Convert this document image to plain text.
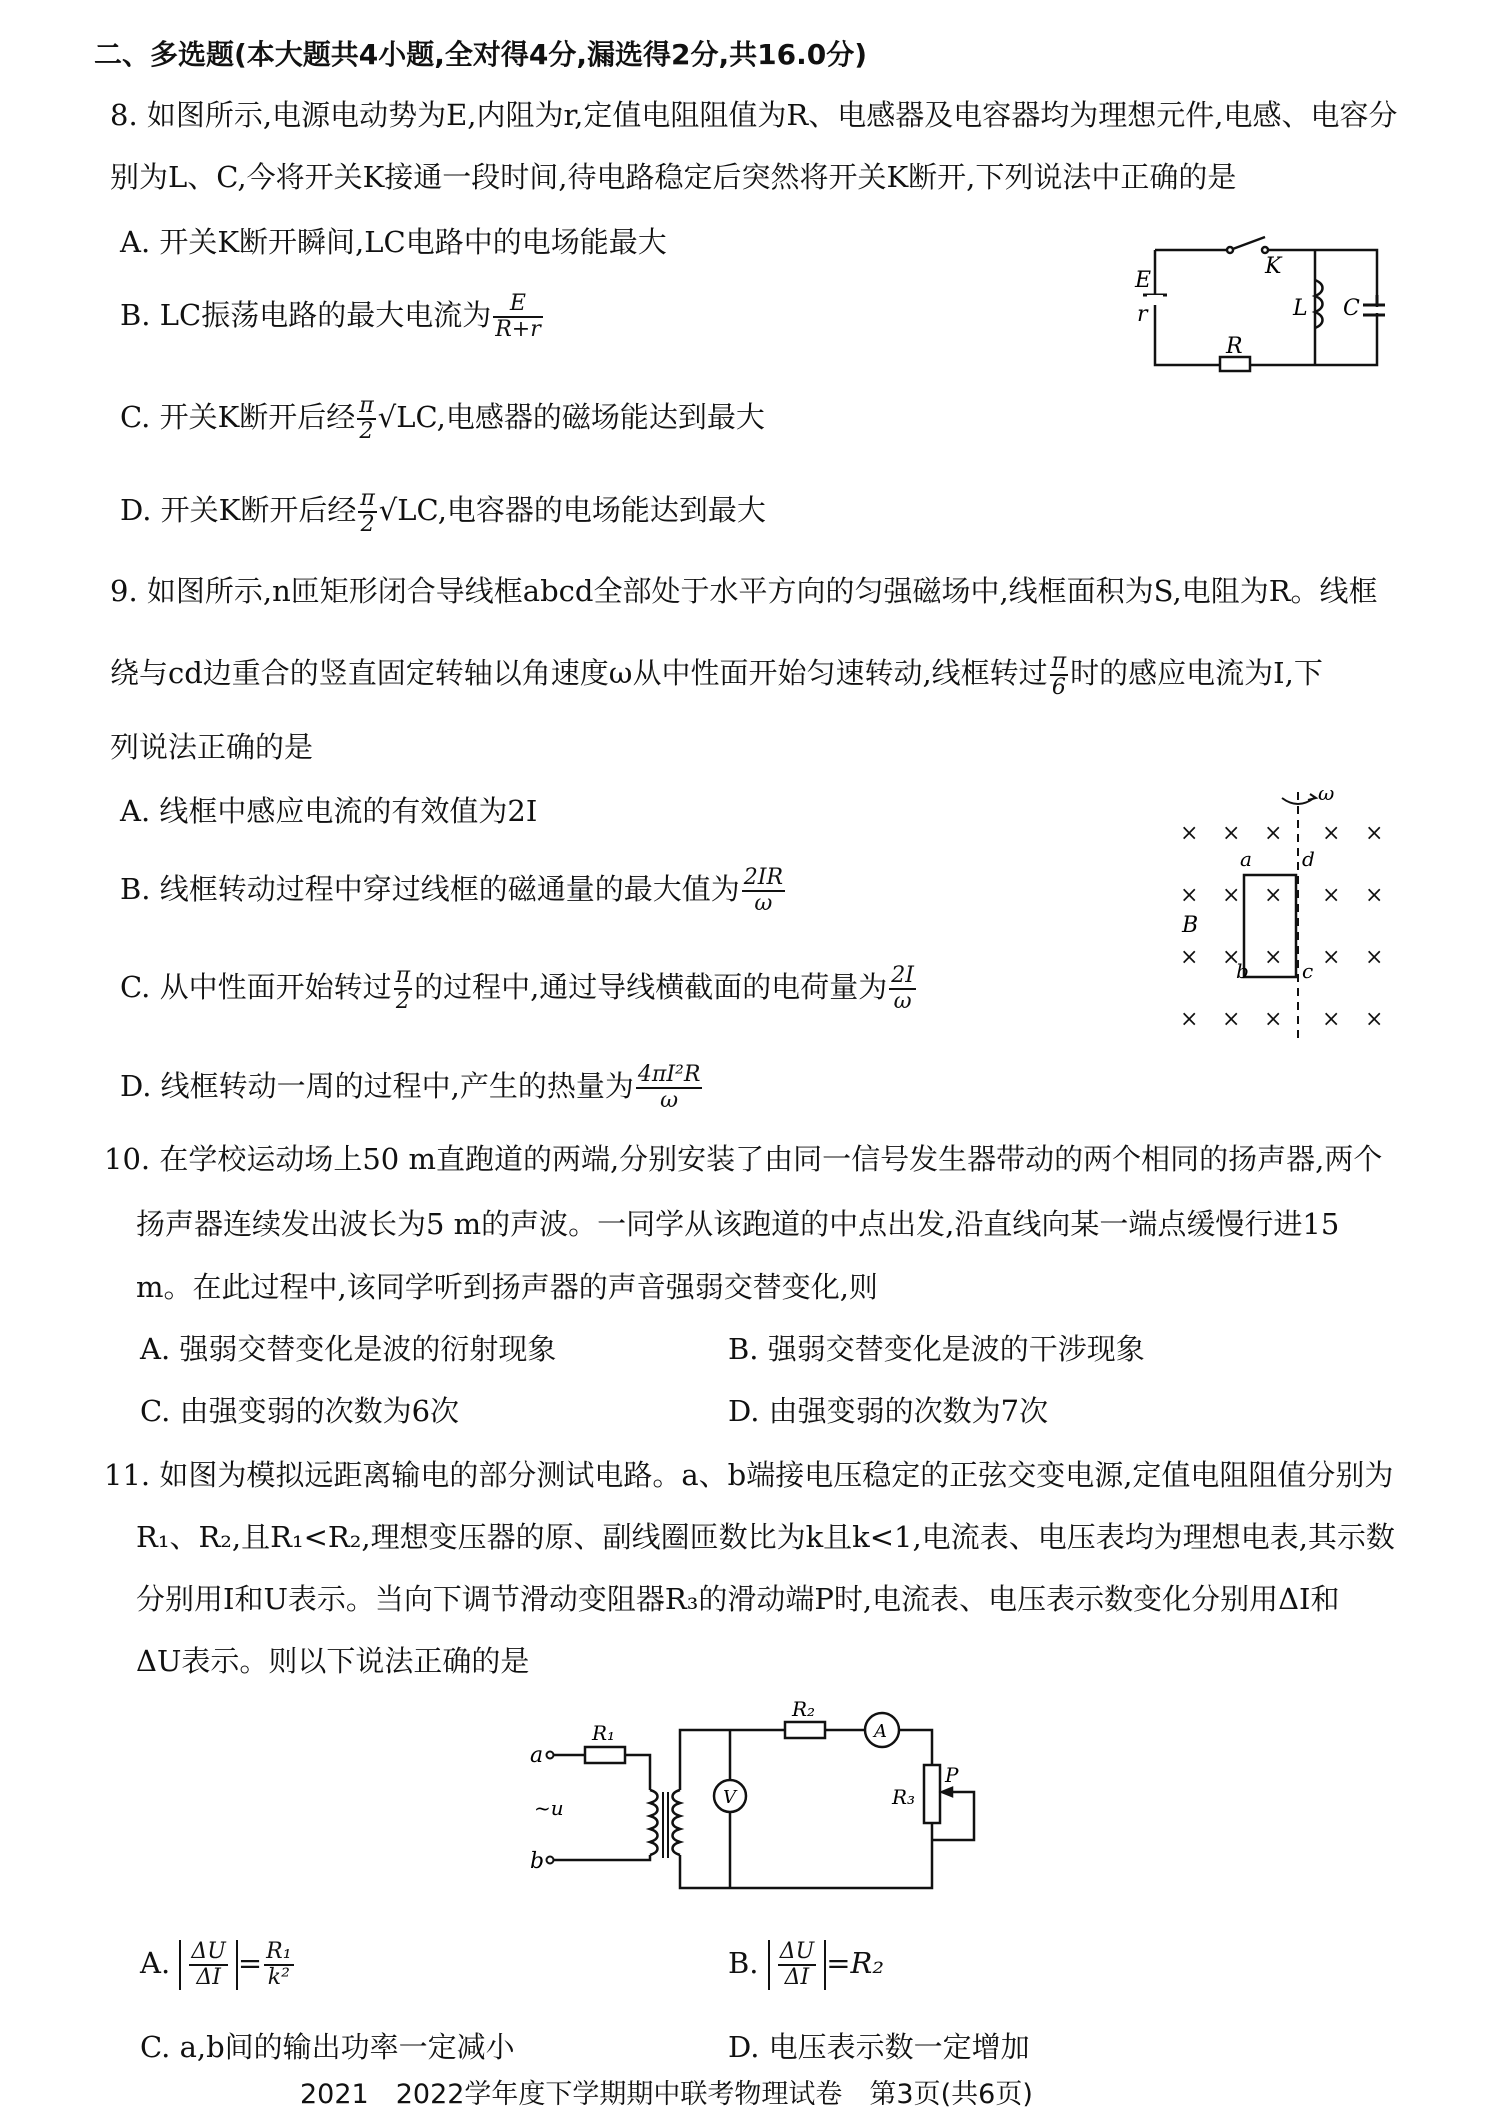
二、多选题(本大题共4小题,全对得4分,漏选得2分,共16.0分)
8. 如图所示,电源电动势为E,内阻为r,定值电阻阻值为R、电感器及电容器均为理想元件,电感、电容分
别为L、C,今将开关K接通一段时间,待电路稳定后突然将开关K断开,下列说法中正确的是
A. 开关K断开瞬间,LC电路中的电场能最大
B. LC振荡电路的最大电流为 $\frac{E}{R+r}$
C. 开关K断开后经 $\frac{\pi}{2} √LC$,电感器的磁场能达到最大
D. 开关K断开后经 $\frac{\pi}{2} √LC$,电容器的电场能达到最大
K
E
r	L C
R
9. 如图所示,n匝矩形闭合导线框abcd全部处于水平方向的匀强磁场中,线框面积为S,电阻为R。线框
绕与cd边重合的竖直固定转轴以角速度ω从中性面开始匀速转动,线框转过 $\frac{\pi}{6}$ 时的感应电流为I,下
列说法正确的是
A. 线框中感应电流的有效值为2I
B. 线框转动过程中穿过线框的磁通量的最大值为 $\frac{2IR}{\omega}$
C. 从中性面开始转过 $\frac{\pi}{2}$ 的过程中,通过导线横截面的电荷量为 $\frac{2I}{\omega}$
D. 线框转动一周的过程中,产生的热量为 $\frac{\text{4πI²R}}{\omega}$
× × × × ×
× × × × ×
× × × × ×
× × × × ×
ω
a	d
b	c
B
10. 在学校运动场上50 m直跑道的两端,分别安装了由同一信号发生器带动的两个相同的扬声器,两个
扬声器连续发出波长为5 m的声波。一同学从该跑道的中点出发,沿直线向某一端点缓慢行进15
m。在此过程中,该同学听到扬声器的声音强弱交替变化,则
A. 强弱交替变化是波的衍射现象	B. 强弱交替变化是波的干涉现象
C. 由强变弱的次数为6次	D. 由强变弱的次数为7次
11. 如图为模拟远距离输电的部分测试电路。a、b端接电压稳定的正弦交变电源,定值电阻阻值分别为
R₁、R₂,且R₁<R₂,理想变压器的原、副线圈匝数比为k且k<1,电流表、电压表均为理想电表,其示数
分别用I和U表示。当向下调节滑动变阻器R₃的滑动端P时,电流表、电压表示数变化分别用ΔI和
ΔU表示。则以下说法正确的是
a
b
~u
R₁
R₂
R₃
P
A
V
A. $\frac{\Delta U}{\Delta I} = \frac{\text{R₁}}{\text{k²}}$	B. $\frac{\Delta U}{\Delta I} =R_2$
C. a,b间的输出功率一定减小	D. 电压表示数一定增加
2021　2022学年度下学期期中联考物理试卷　第3页(共6页)
